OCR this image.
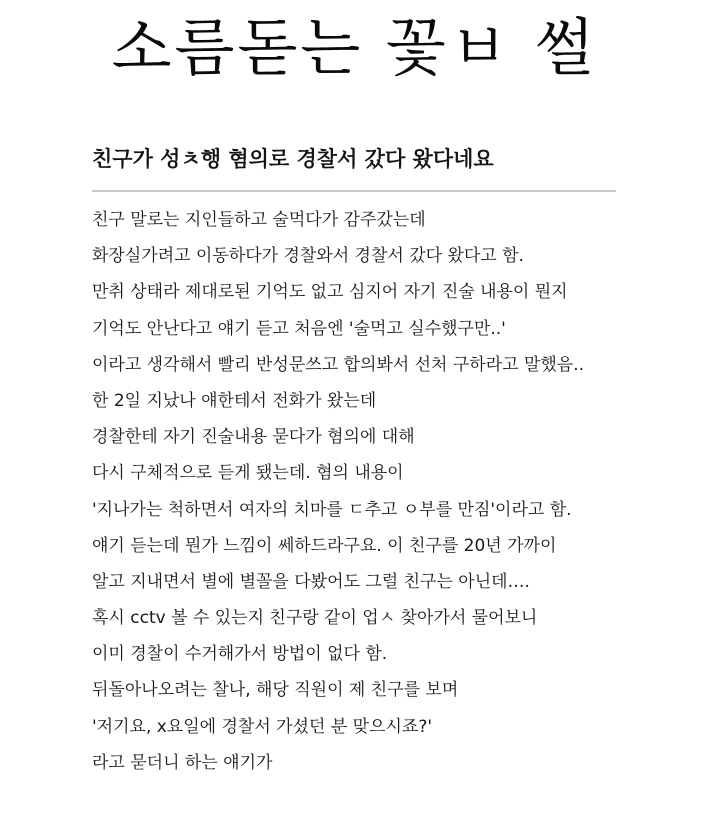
소름돋는 꽃ㅂ 썰
친구가 성ㅊ행 혐의로 경찰서 갔다 왔다네요
친구 말로는 지인들하고 술먹다가 감주갔는데
화장실가려고 이동하다가 경찰와서 경찰서 갔다 왔다고 함.
만취 상태라 제대로된 기억도 없고 심지어 자기 진술 내용이 뭔지
기억도 안난다고 얘기 듣고 처음엔 '술먹고 실수했구만..'
이라고 생각해서 빨리 반성문쓰고 합의봐서 선처 구하라고 말했음..
한 2일 지났나 얘한테서 전화가 왔는데
경찰한테 자기 진술내용 묻다가 혐의에 대해
다시 구체적으로 듣게 됐는데. 혐의 내용이
'지나가는 척하면서 여자의 치마를 ㄷ추고 ㅇ부를 만짐'이라고 함.
얘기 듣는데 뭔가 느낌이 쎄하드라구요. 이 친구를 20년 가까이
알고 지내면서 별에 별꼴을 다봤어도 그럴 친구는 아닌데….
혹시 cctv 볼 수 있는지 친구랑 같이 업ㅅ 찾아가서 물어보니
이미 경찰이 수거해가서 방법이 없다 함.
뒤돌아나오려는 찰나, 해당 직원이 제 친구를 보며
'저기요, x요일에 경찰서 가셨던 분 맞으시죠?'
라고 묻더니 하는 얘기가
